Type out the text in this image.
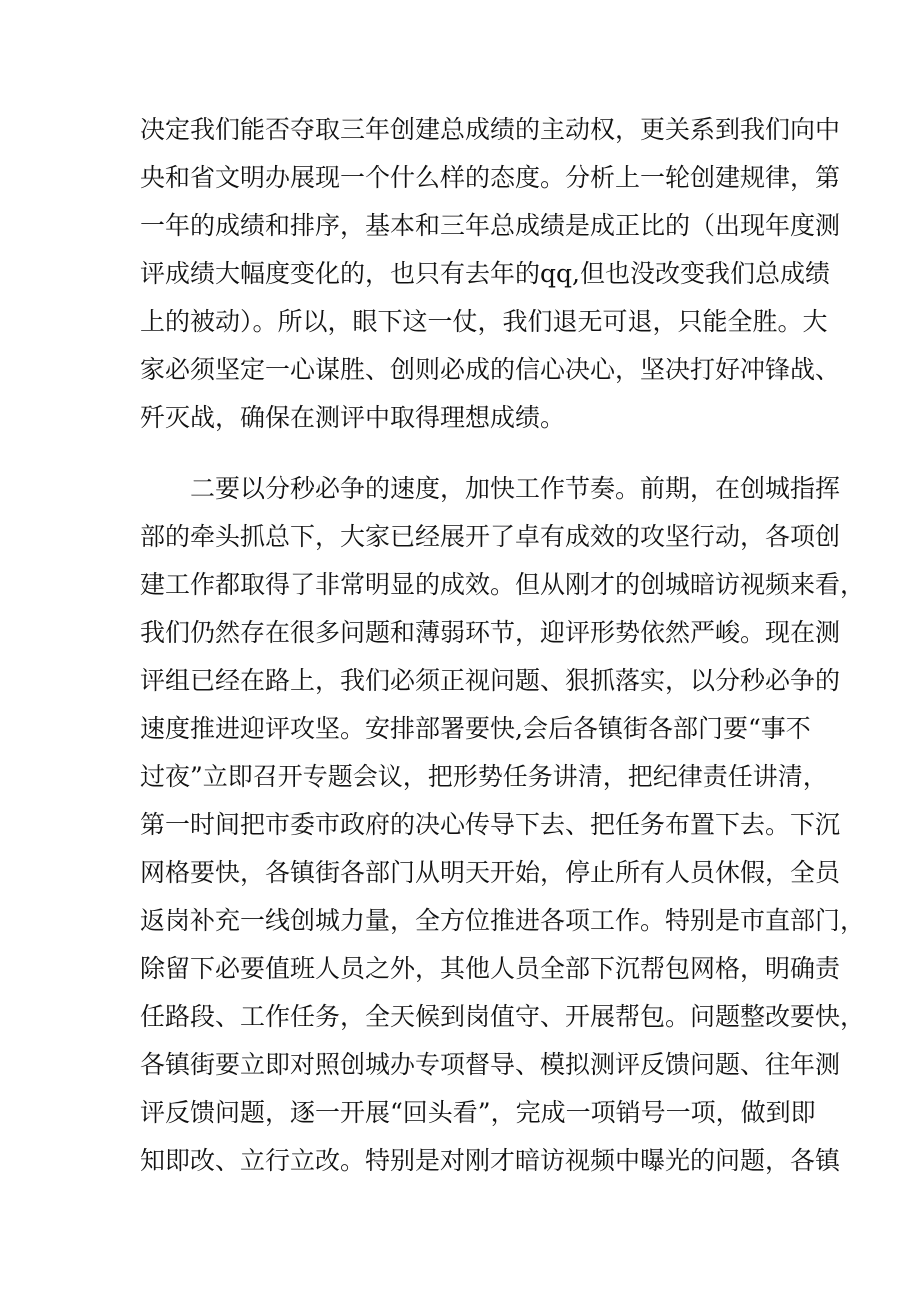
决定我们能否夺取三年创建总成绩的主动权，更关系到我们向中
央和省文明办展现一个什么样的态度。分析上一轮创建规律，第
一年的成绩和排序，基本和三年总成绩是成正比的（出现年度测
评成绩大幅度变化的，也只有去年的qq,但也没改变我们总成绩
上的被动）。所以，眼下这一仗，我们退无可退，只能全胜。大
家必须坚定一心谋胜、创则必成的信心决心，坚决打好冲锋战、
歼灭战，确保在测评中取得理想成绩。
二要以分秒必争的速度，加快工作节奏。前期，在创城指挥
部的牵头抓总下，大家已经展开了卓有成效的攻坚行动，各项创
建工作都取得了非常明显的成效。但从刚才的创城暗访视频来看，
我们仍然存在很多问题和薄弱环节，迎评形势依然严峻。现在测
评组已经在路上，我们必须正视问题、狠抓落实，以分秒必争的
速度推进迎评攻坚。安排部署要快,会后各镇街各部门要“事不
过夜”立即召开专题会议，把形势任务讲清，把纪律责任讲清，
第一时间把市委市政府的决心传导下去、把任务布置下去。下沉
网格要快，各镇街各部门从明天开始，停止所有人员休假，全员
返岗补充一线创城力量，全方位推进各项工作。特别是市直部门，
除留下必要值班人员之外，其他人员全部下沉帮包网格，明确责
任路段、工作任务，全天候到岗值守、开展帮包。问题整改要快，
各镇街要立即对照创城办专项督导、模拟测评反馈问题、往年测
评反馈问题，逐一开展“回头看”，完成一项销号一项，做到即
知即改、立行立改。特别是对刚才暗访视频中曝光的问题，各镇
